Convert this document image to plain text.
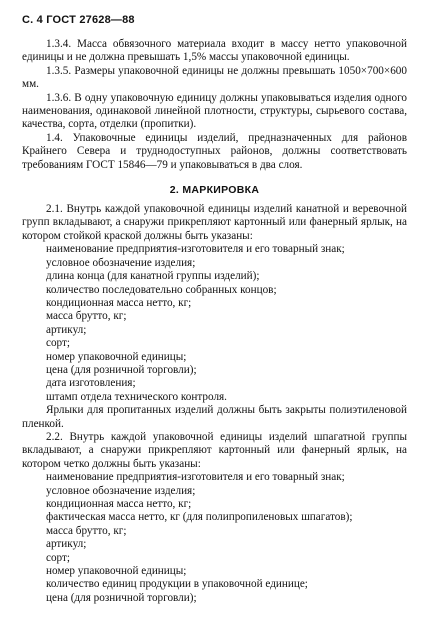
С. 4 ГОСТ 27628—88

1.3.4. Масса обвязочного материала входит в массу нетто упаковочной единицы и не должна превышать 1,5% массы упаковочной единицы.

1.3.5. Размеры упаковочной единицы не должны превышать 1050×700×600 мм.

1.3.6. В одну упаковочную единицу должны упаковываться изделия одного наименования, одинаковой линейной плотности, структуры, сырьевого состава, качества, сорта, отделки (пропитки).

1.4. Упаковочные единицы изделий, предназначенных для районов Крайнего Севера и труднодоступных районов, должны соответствовать требованиям ГОСТ 15846—79 и упаковываться в два слоя.

2. МАРКИРОВКА

2.1. Внутрь каждой упаковочной единицы изделий канатной и веревочной групп вкладывают, а снаружи прикрепляют картонный или фанерный ярлык, на котором стойкой краской должны быть указаны:

наименование предприятия-изготовителя и его товарный знак;
условное обозначение изделия;
длина конца (для канатной группы изделий);
количество последовательно собранных концов;
кондиционная масса нетто, кг;
масса брутто, кг;
артикул;
сорт;
номер упаковочной единицы;
цена (для розничной торговли);
дата изготовления;
штамп отдела технического контроля.

Ярлыки для пропитанных изделий должны быть закрыты полиэтиленовой пленкой.

2.2. Внутрь каждой упаковочной единицы изделий шпагатной группы вкладывают, а снаружи прикрепляют картонный или фанерный ярлык, на котором четко должны быть указаны:

наименование предприятия-изготовителя и его товарный знак;
условное обозначение изделия;
кондиционная масса нетто, кг;
фактическая масса нетто, кг (для полипропиленовых шпагатов);
масса брутто, кг;
артикул;
сорт;
номер упаковочной единицы;
количество единиц продукции в упаковочной единице;
цена (для розничной торговли);
